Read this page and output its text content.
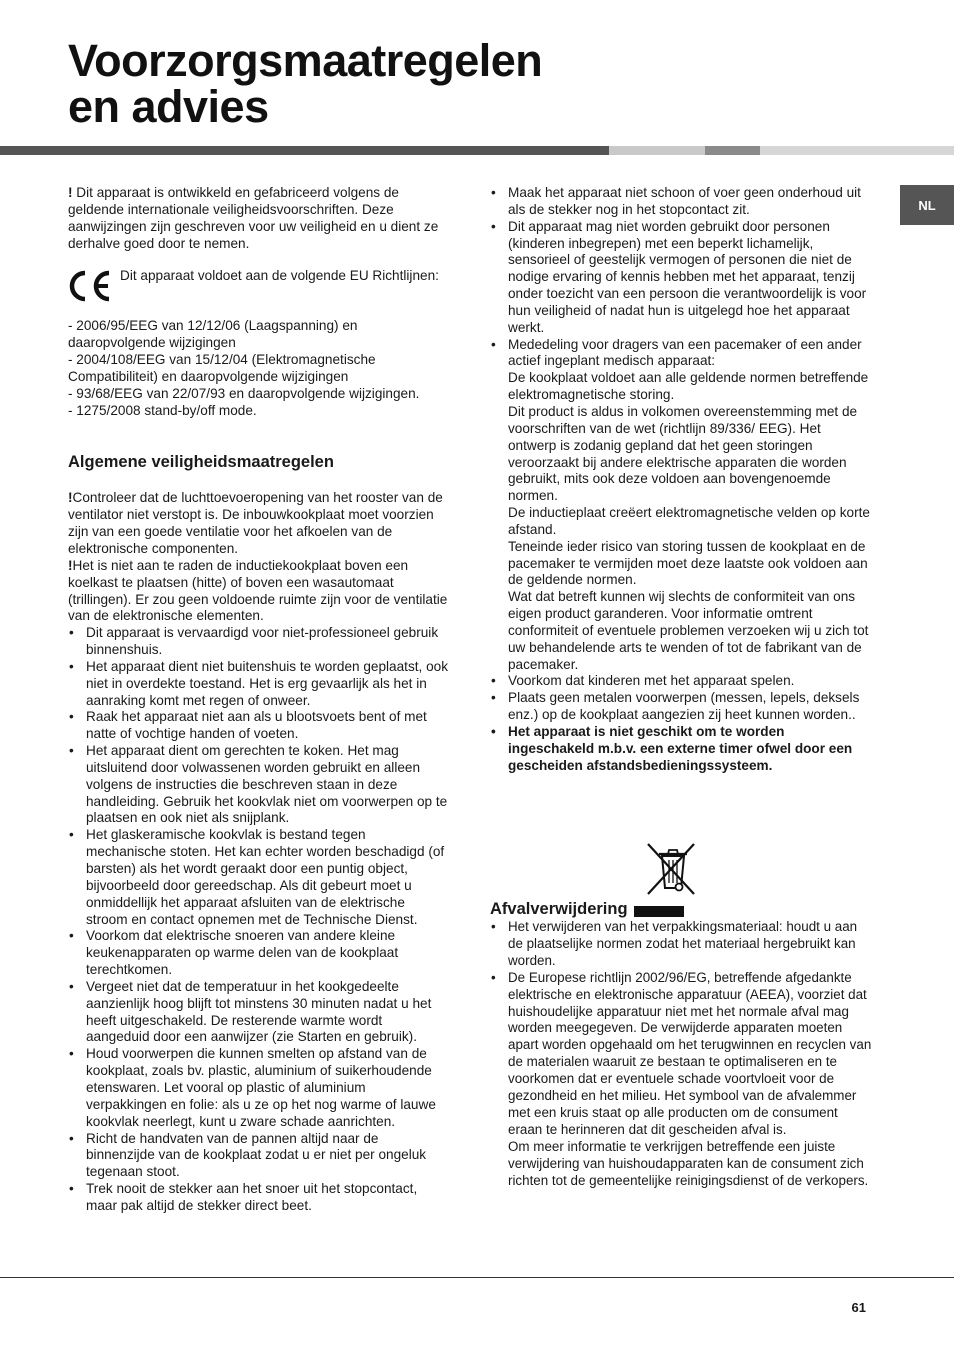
Voorzorgsmaatregelen
en advies
NL

! Dit apparaat is ontwikkeld en gefabriceerd volgens de geldende internationale veiligheidsvoorschriften. Deze aanwijzingen zijn geschreven voor uw veiligheid en u dient ze derhalve goed door te nemen.

Dit apparaat voldoet aan de volgende EU Richtlijnen:

- 2006/95/EEG van 12/12/06 (Laagspanning) en daaropvolgende wijzigingen

- 2004/108/EEG van 15/12/04 (Elektromagnetische Compatibiliteit) en daaropvolgende wijzigingen

- 93/68/EEG van 22/07/93 en daaropvolgende wijzigingen.

- 1275/2008 stand-by/off mode.

Algemene veiligheidsmaatregelen

!Controleer dat de luchttoevoeropening van het rooster van de ventilator niet verstopt is. De inbouwkookplaat moet voorzien zijn van een goede ventilatie voor het afkoelen van de elektronische componenten.

!Het is niet aan te raden de inductiekookplaat boven een koelkast te plaatsen (hitte) of boven een wasautomaat (trillingen). Er zou geen voldoende ruimte zijn voor de ventilatie van de elektronische elementen.

• Dit apparaat is vervaardigd voor niet-professioneel gebruik binnenshuis.
• Het apparaat dient niet buitenshuis te worden geplaatst, ook niet in overdekte toestand. Het is erg gevaarlijk als het in aanraking komt met regen of onweer.
• Raak het apparaat niet aan als u blootsvoets bent of met natte of vochtige handen of voeten.
• Het apparaat dient om gerechten te koken. Het mag uitsluitend door volwassenen worden gebruikt en alleen volgens de instructies die beschreven staan in deze handleiding. Gebruik het kookvlak niet om voorwerpen op te plaatsen en ook niet als snijplank.
• Het glaskeramische kookvlak is bestand tegen mechanische stoten. Het kan echter worden beschadigd (of barsten) als het wordt geraakt door een puntig object, bijvoorbeeld door gereedschap. Als dit gebeurt moet u onmiddellijk het apparaat afsluiten van de elektrische stroom en contact opnemen met de Technische Dienst.
• Voorkom dat elektrische snoeren van andere kleine keukenapparaten op warme delen van de kookplaat terechtkomen.
• Vergeet niet dat de temperatuur in het kookgedeelte aanzienlijk hoog blijft tot minstens 30 minuten nadat u het heeft uitgeschakeld. De resterende warmte wordt aangeduid door een aanwijzer (zie Starten en gebruik).
• Houd voorwerpen die kunnen smelten op afstand van de kookplaat, zoals bv. plastic, aluminium of suikerhoudende etenswaren. Let vooral op plastic of aluminium verpakkingen en folie: als u ze op het nog warme of lauwe kookvlak neerlegt, kunt u zware schade aanrichten.
• Richt de handvaten van de pannen altijd naar de binnenzijde van de kookplaat zodat u er niet per ongeluk tegenaan stoot.
• Trek nooit de stekker aan het snoer uit het stopcontact, maar pak altijd de stekker direct beet.
• Maak het apparaat niet schoon of voer geen onderhoud uit als de stekker nog in het stopcontact zit.
• Dit apparaat mag niet worden gebruikt door personen (kinderen inbegrepen) met een beperkt lichamelijk, sensorieel of geestelijk vermogen of personen die niet de nodige ervaring of kennis hebben met het apparaat, tenzij onder toezicht van een persoon die verantwoordelijk is voor hun veiligheid of nadat hun is uitgelegd hoe het apparaat werkt.
• Mededeling voor dragers van een pacemaker of een ander actief ingeplant medisch apparaat:
De kookplaat voldoet aan alle geldende normen betreffende elektromagnetische storing.
Dit product is aldus in volkomen overeenstemming met de voorschriften van de wet (richtlijn 89/336/ EEG). Het ontwerp is zodanig gepland dat het geen storingen veroorzaakt bij andere elektrische apparaten die worden gebruikt, mits ook deze voldoen aan bovengenoemde normen.
De inductieplaat creëert elektromagnetische velden op korte afstand.
Teneinde ieder risico van storing tussen de kookplaat en de pacemaker te vermijden moet deze laatste ook voldoen aan de geldende normen.
Wat dat betreft kunnen wij slechts de conformiteit van ons eigen product garanderen. Voor informatie omtrent conformiteit of eventuele problemen verzoeken wij u zich tot uw behandelende arts te wenden of tot de fabrikant van de pacemaker.
• Voorkom dat kinderen met het apparaat spelen.
• Plaats geen metalen voorwerpen (messen, lepels, deksels enz.) op de kookplaat aangezien zij heet kunnen worden..
• Het apparaat is niet geschikt om te worden ingeschakeld m.b.v. een externe timer ofwel door een gescheiden afstandsbedieningssysteem.
Afvalverwijdering
• Het verwijderen van het verpakkingsmateriaal: houdt u aan de plaatselijke normen zodat het materiaal hergebruikt kan worden.
• De Europese richtlijn 2002/96/EG, betreffende afgedankte elektrische en elektronische apparatuur (AEEA), voorziet dat huishoudelijke apparatuur niet met het normale afval mag worden meegegeven. De verwijderde apparaten moeten apart worden opgehaald om het terugwinnen en recyclen van de materialen waaruit ze bestaan te optimaliseren en te voorkomen dat er eventuele schade voortvloeit voor de gezondheid en het milieu. Het symbool van de afvalemmer met een kruis staat op alle producten om de consument eraan te herinneren dat dit gescheiden afval is.
Om meer informatie te verkrijgen betreffende een juiste verwijdering van huishoudapparaten kan de consument zich richten tot de gemeentelijke reinigingsdienst of de verkopers.
61
